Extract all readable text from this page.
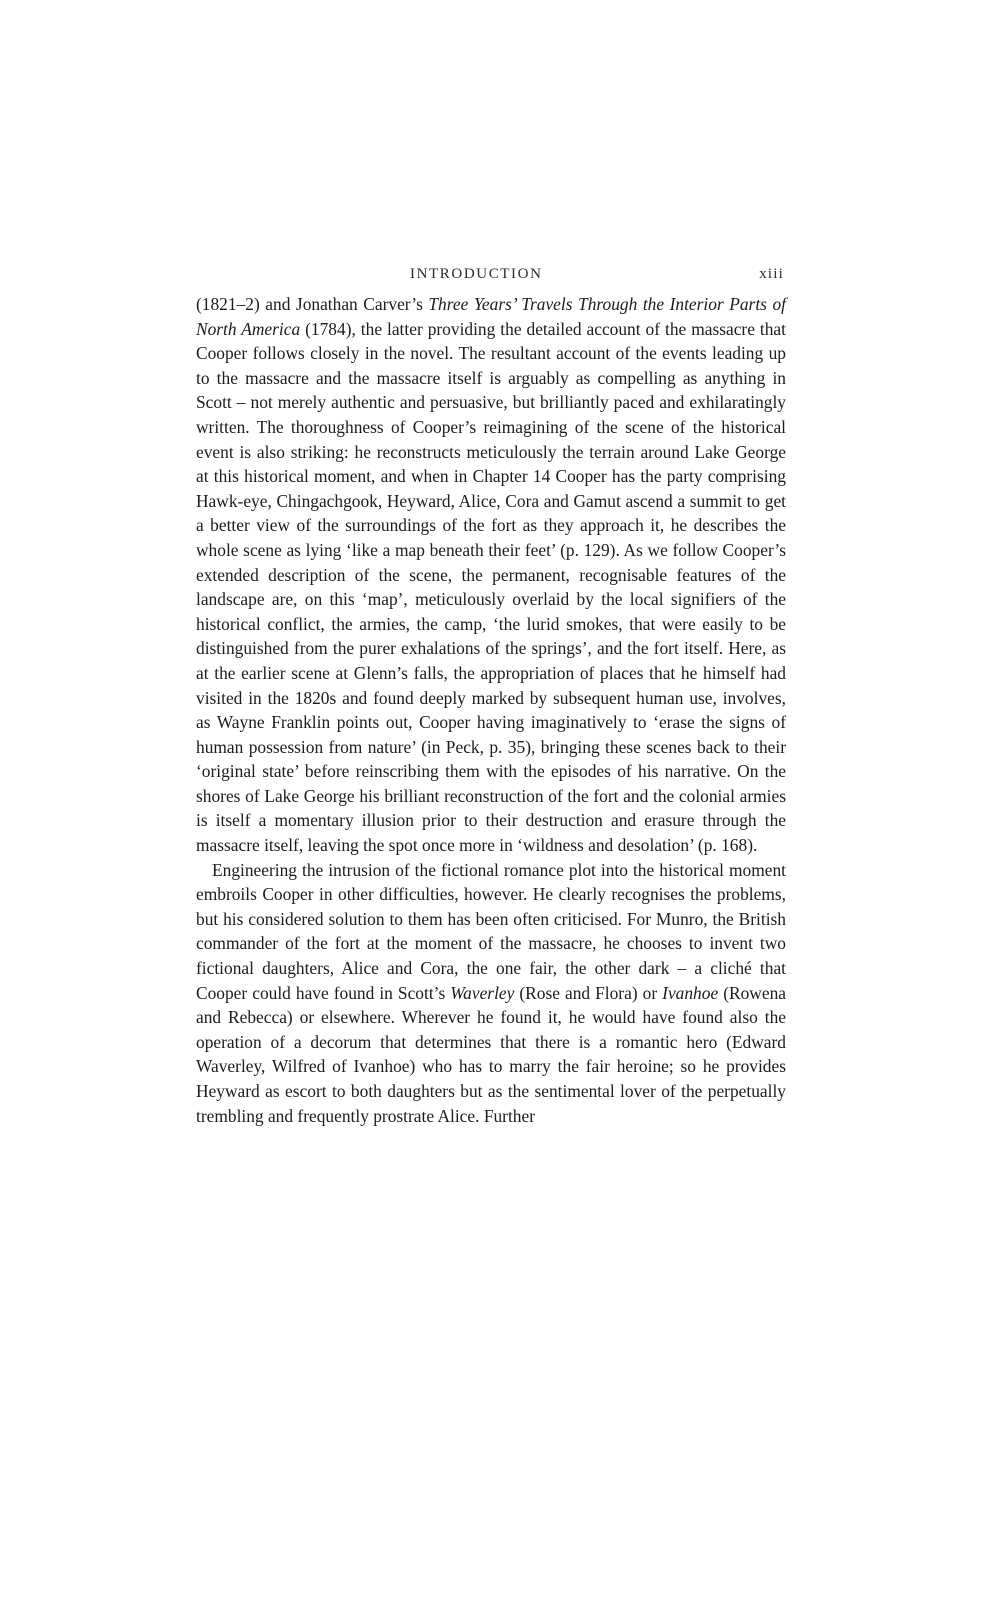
INTRODUCTION	xiii

(1821–2) and Jonathan Carver’s Three Years’ Travels Through the Interior Parts of North America (1784), the latter providing the detailed account of the massacre that Cooper follows closely in the novel. The resultant account of the events leading up to the massacre and the massacre itself is arguably as compelling as anything in Scott – not merely authentic and persuasive, but brilliantly paced and exhilaratingly written. The thoroughness of Cooper’s reimagining of the scene of the historical event is also striking: he reconstructs meticulously the terrain around Lake George at this historical moment, and when in Chapter 14 Cooper has the party comprising Hawk-eye, Chingachgook, Heyward, Alice, Cora and Gamut ascend a summit to get a better view of the surroundings of the fort as they approach it, he describes the whole scene as lying ‘like a map beneath their feet’ (p. 129). As we follow Cooper’s extended description of the scene, the permanent, recognisable features of the landscape are, on this ‘map’, meticulously overlaid by the local signifiers of the historical conflict, the armies, the camp, ‘the lurid smokes, that were easily to be distinguished from the purer exhalations of the springs’, and the fort itself. Here, as at the earlier scene at Glenn’s falls, the appropriation of places that he himself had visited in the 1820s and found deeply marked by subsequent human use, involves, as Wayne Franklin points out, Cooper having imaginatively to ‘erase the signs of human possession from nature’ (in Peck, p. 35), bringing these scenes back to their ‘original state’ before reinscribing them with the episodes of his narrative. On the shores of Lake George his brilliant reconstruction of the fort and the colonial armies is itself a momentary illusion prior to their destruction and erasure through the massacre itself, leaving the spot once more in ‘wildness and desolation’ (p. 168).

Engineering the intrusion of the fictional romance plot into the historical moment embroils Cooper in other difficulties, however. He clearly recognises the problems, but his considered solution to them has been often criticised. For Munro, the British commander of the fort at the moment of the massacre, he chooses to invent two fictional daughters, Alice and Cora, the one fair, the other dark – a cliché that Cooper could have found in Scott’s Waverley (Rose and Flora) or Ivanhoe (Rowena and Rebecca) or elsewhere. Wherever he found it, he would have found also the operation of a decorum that determines that there is a romantic hero (Edward Waverley, Wilfred of Ivanhoe) who has to marry the fair heroine; so he provides Heyward as escort to both daughters but as the sentimental lover of the perpetually trembling and frequently prostrate Alice. Further
